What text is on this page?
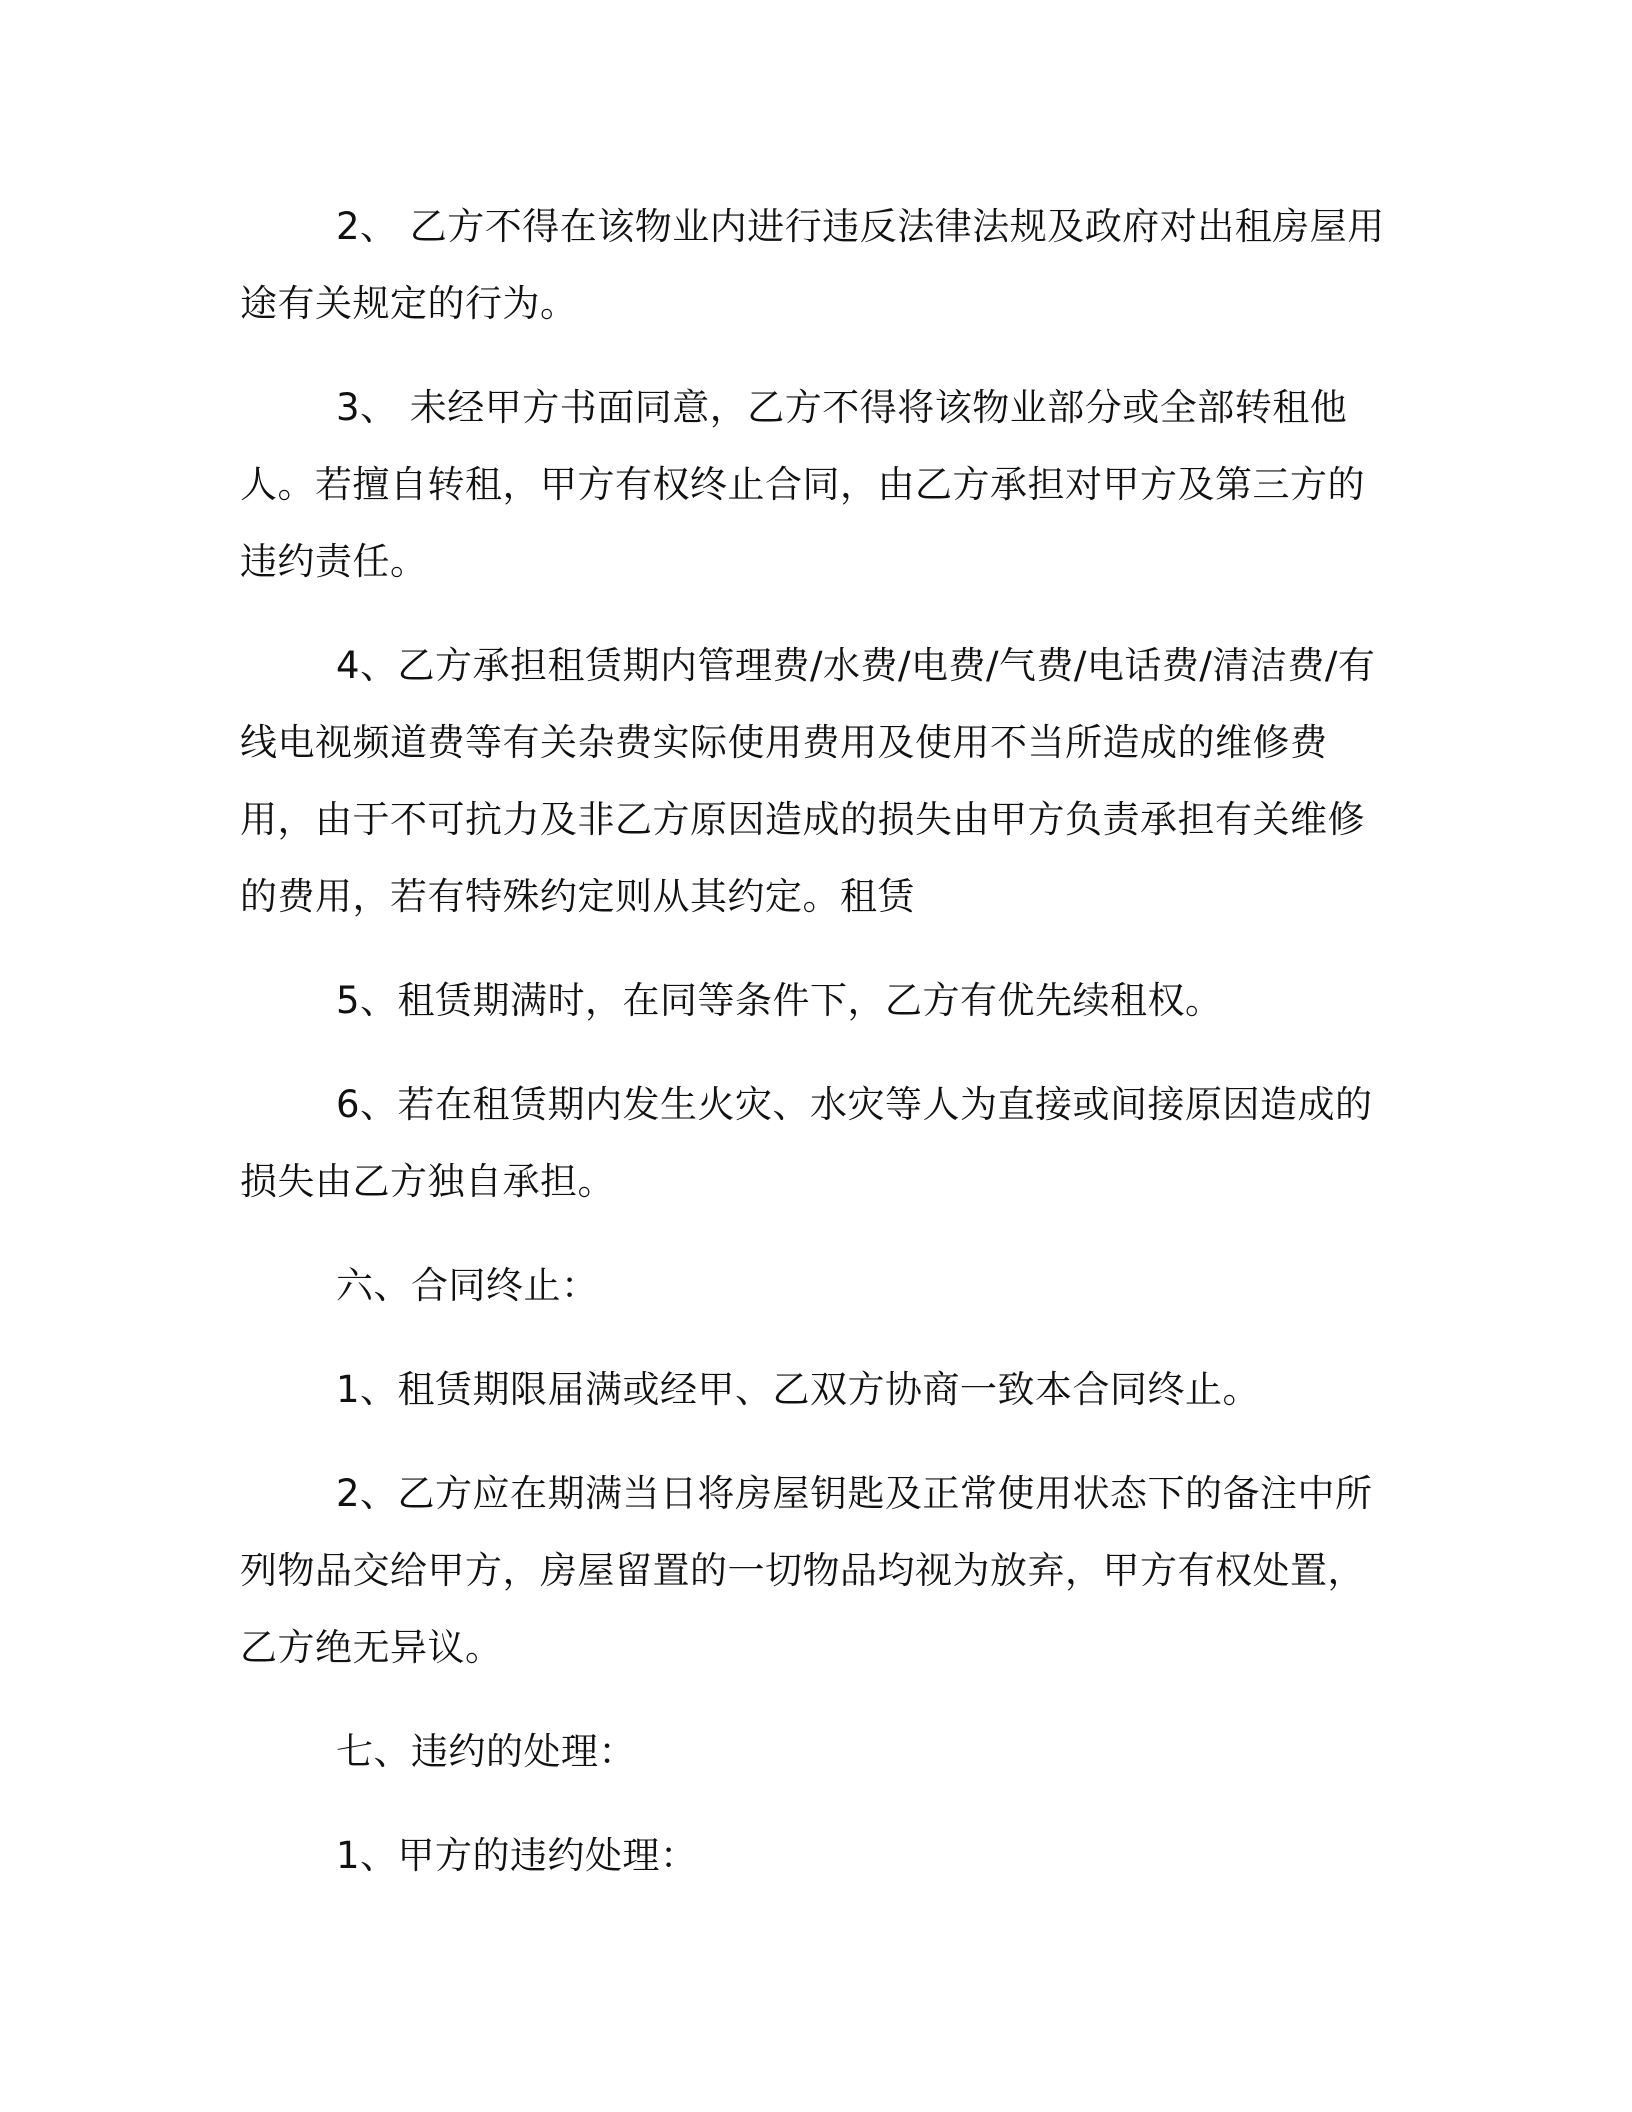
2、 乙方不得在该物业内进行违反法律法规及政府对出租房屋用途有关规定的行为。

3、 未经甲方书面同意，乙方不得将该物业部分或全部转租他人。若擅自转租，甲方有权终止合同，由乙方承担对甲方及第三方的违约责任。

4、乙方承担租赁期内管理费/水费/电费/气费/电话费/清洁费/有线电视频道费等有关杂费实际使用费用及使用不当所造成的维修费用，由于不可抗力及非乙方原因造成的损失由甲方负责承担有关维修的费用，若有特殊约定则从其约定。租赁

5、租赁期满时，在同等条件下，乙方有优先续租权。

6、若在租赁期内发生火灾、水灾等人为直接或间接原因造成的损失由乙方独自承担。

六、合同终止：

1、租赁期限届满或经甲、乙双方协商一致本合同终止。

2、乙方应在期满当日将房屋钥匙及正常使用状态下的备注中所列物品交给甲方，房屋留置的一切物品均视为放弃，甲方有权处置，乙方绝无异议。

七、违约的处理：

1、甲方的违约处理：
